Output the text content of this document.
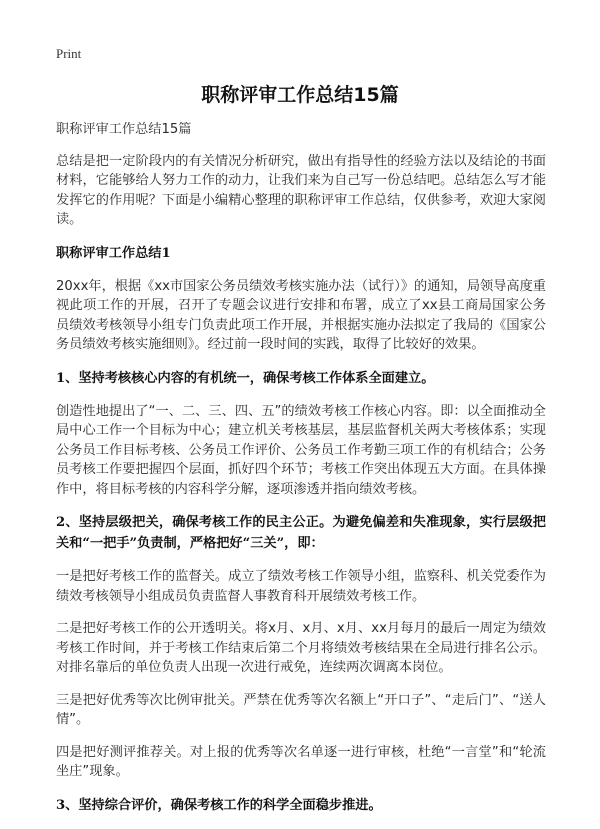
Print
职称评审工作总结15篇

职称评审工作总结15篇

总结是把一定阶段内的有关情况分析研究，做出有指导性的经验方法以及结论的书面材料，它能够给人努力工作的动力，让我们来为自己写一份总结吧。总结怎么写才能发挥它的作用呢？下面是小编精心整理的职称评审工作总结，仅供参考，欢迎大家阅读。

职称评审工作总结1

20xx年，根据《xx市国家公务员绩效考核实施办法（试行）》的通知，局领导高度重视此项工作的开展，召开了专题会议进行安排和布署，成立了xx县工商局国家公务员绩效考核领导小组专门负责此项工作开展，并根据实施办法拟定了我局的《国家公务员绩效考核实施细则》。经过前一段时间的实践，取得了比较好的效果。

1、坚持考核核心内容的有机统一，确保考核工作体系全面建立。

创造性地提出了“一、二、三、四、五”的绩效考核工作核心内容。即：以全面推动全局中心工作一个目标为中心；建立机关考核基层，基层监督机关两大考核体系；实现公务员工作目标考核、公务员工作评价、公务员工作考勤三项工作的有机结合；公务员考核工作要把握四个层面，抓好四个环节；考核工作突出体现五大方面。在具体操作中，将目标考核的内容科学分解，逐项渗透并指向绩效考核。

2、坚持层级把关，确保考核工作的民主公正。为避免偏差和失准现象，实行层级把关和“一把手”负责制，严格把好“三关”，即：

一是把好考核工作的监督关。成立了绩效考核工作领导小组，监察科、机关党委作为绩效考核领导小组成员负责监督人事教育科开展绩效考核工作。

二是把好考核工作的公开透明关。将x月、x月、x月、xx月每月的最后一周定为绩效考核工作时间，并于考核工作结束后第二个月将绩效考核结果在全局进行排名公示。对排名靠后的单位负责人出现一次进行戒免，连续两次调离本岗位。

三是把好优秀等次比例审批关。严禁在优秀等次名额上“开口子”、“走后门”、“送人情”。

四是把好测评推荐关。对上报的优秀等次名单逐一进行审核，杜绝“一言堂”和“轮流坐庄”现象。

3、坚持综合评价，确保考核工作的科学全面稳步推进。
